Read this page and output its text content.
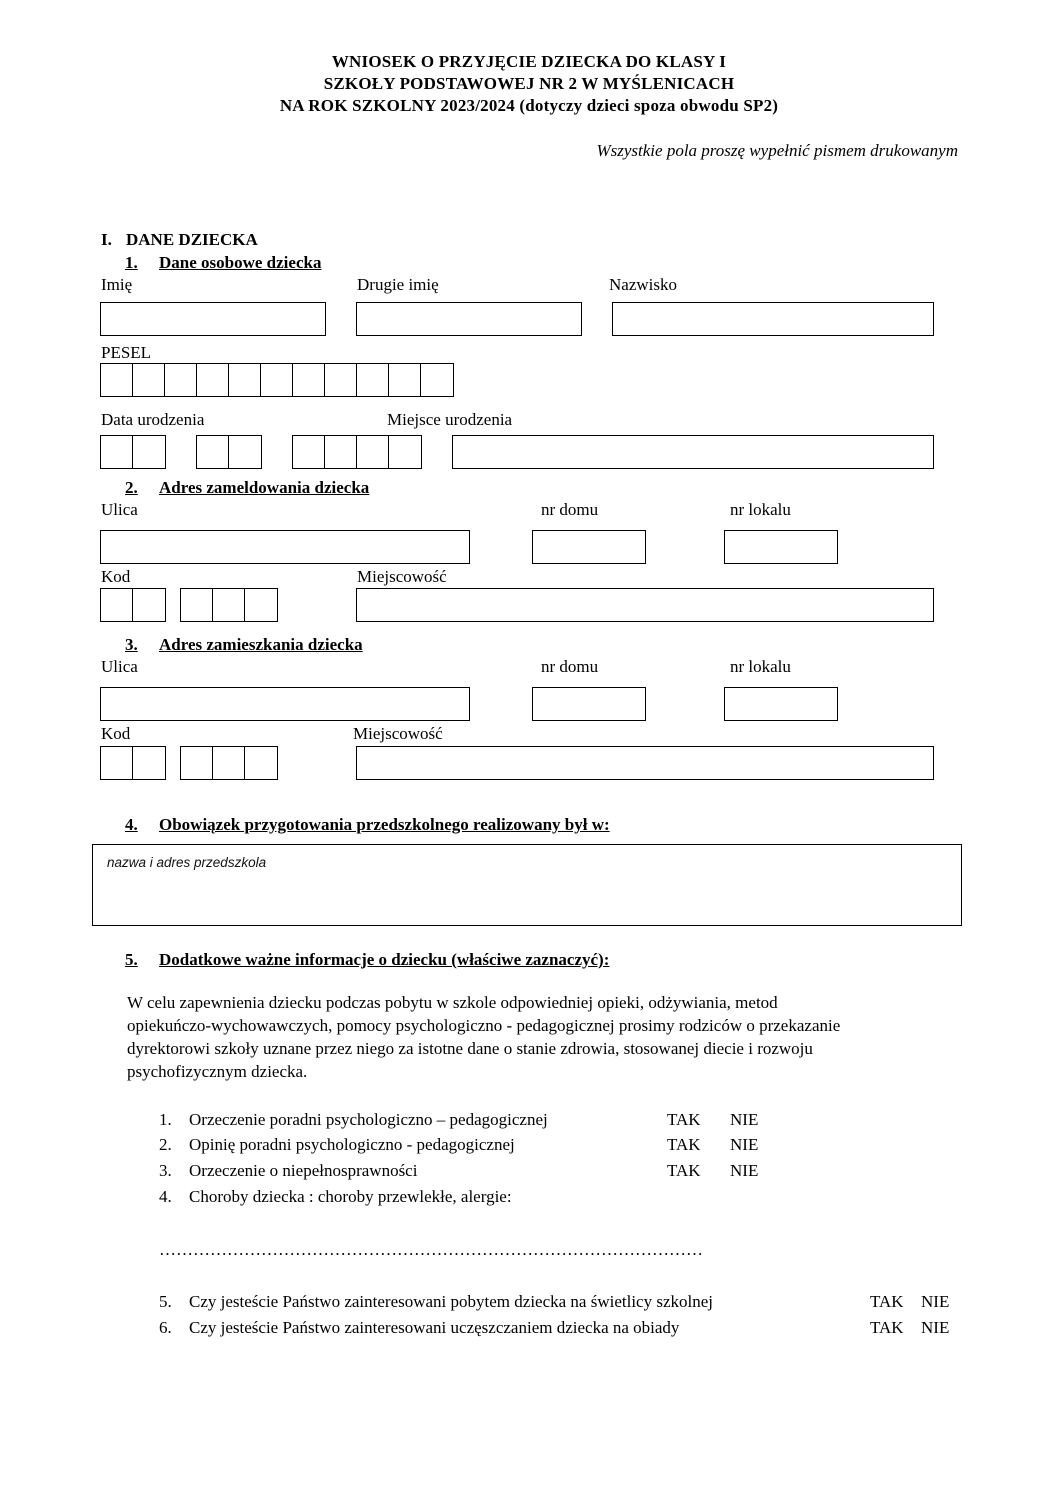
WNIOSEK O PRZYJĘCIE DZIECKA DO KLASY I
SZKOŁY PODSTAWOWEJ NR 2 W MYŚLENICACH
NA ROK SZKOLNY 2023/2024 (dotyczy dzieci spoza obwodu SP2)
Wszystkie pola proszę wypełnić pismem drukowanym
I. DANE DZIECKA
1. Dane osobowe dziecka
Imię	Drugie imię	Nazwisko
PESEL
Data urodzenia	Miejsce urodzenia
2. Adres zameldowania dziecka
Ulica	nr domu	nr lokalu
Kod	Miejscowość
3. Adres zamieszkania dziecka
Ulica	nr domu	nr lokalu
Kod	Miejscowość
4. Obowiązek przygotowania przedszkolnego realizowany był w:
nazwa i adres przedszkola
5. Dodatkowe ważne informacje o dziecku (właściwe zaznaczyć):
W celu zapewnienia dziecku podczas pobytu w szkole odpowiedniej opieki, odżywiania, metod
opiekuńczo-wychowawczych, pomocy psychologiczno - pedagogicznej prosimy rodziców o przekazanie
dyrektorowi szkoły uznane przez niego za istotne dane o stanie zdrowia, stosowanej diecie i rozwoju
psychofizycznym dziecka.
1. Orzeczenie poradni psychologiczno – pedagogicznej	TAK NIE
2. Opinię poradni psychologiczno - pedagogicznej	TAK NIE
3. Orzeczenie o niepełnosprawności	TAK NIE
4. Choroby dziecka : choroby przewlekłe, alergie:
……………………………………………………………………………………
5. Czy jesteście Państwo zainteresowani pobytem dziecka na świetlicy szkolnej	TAK NIE
6. Czy jesteście Państwo zainteresowani uczęszczaniem dziecka na obiady	TAK NIE
